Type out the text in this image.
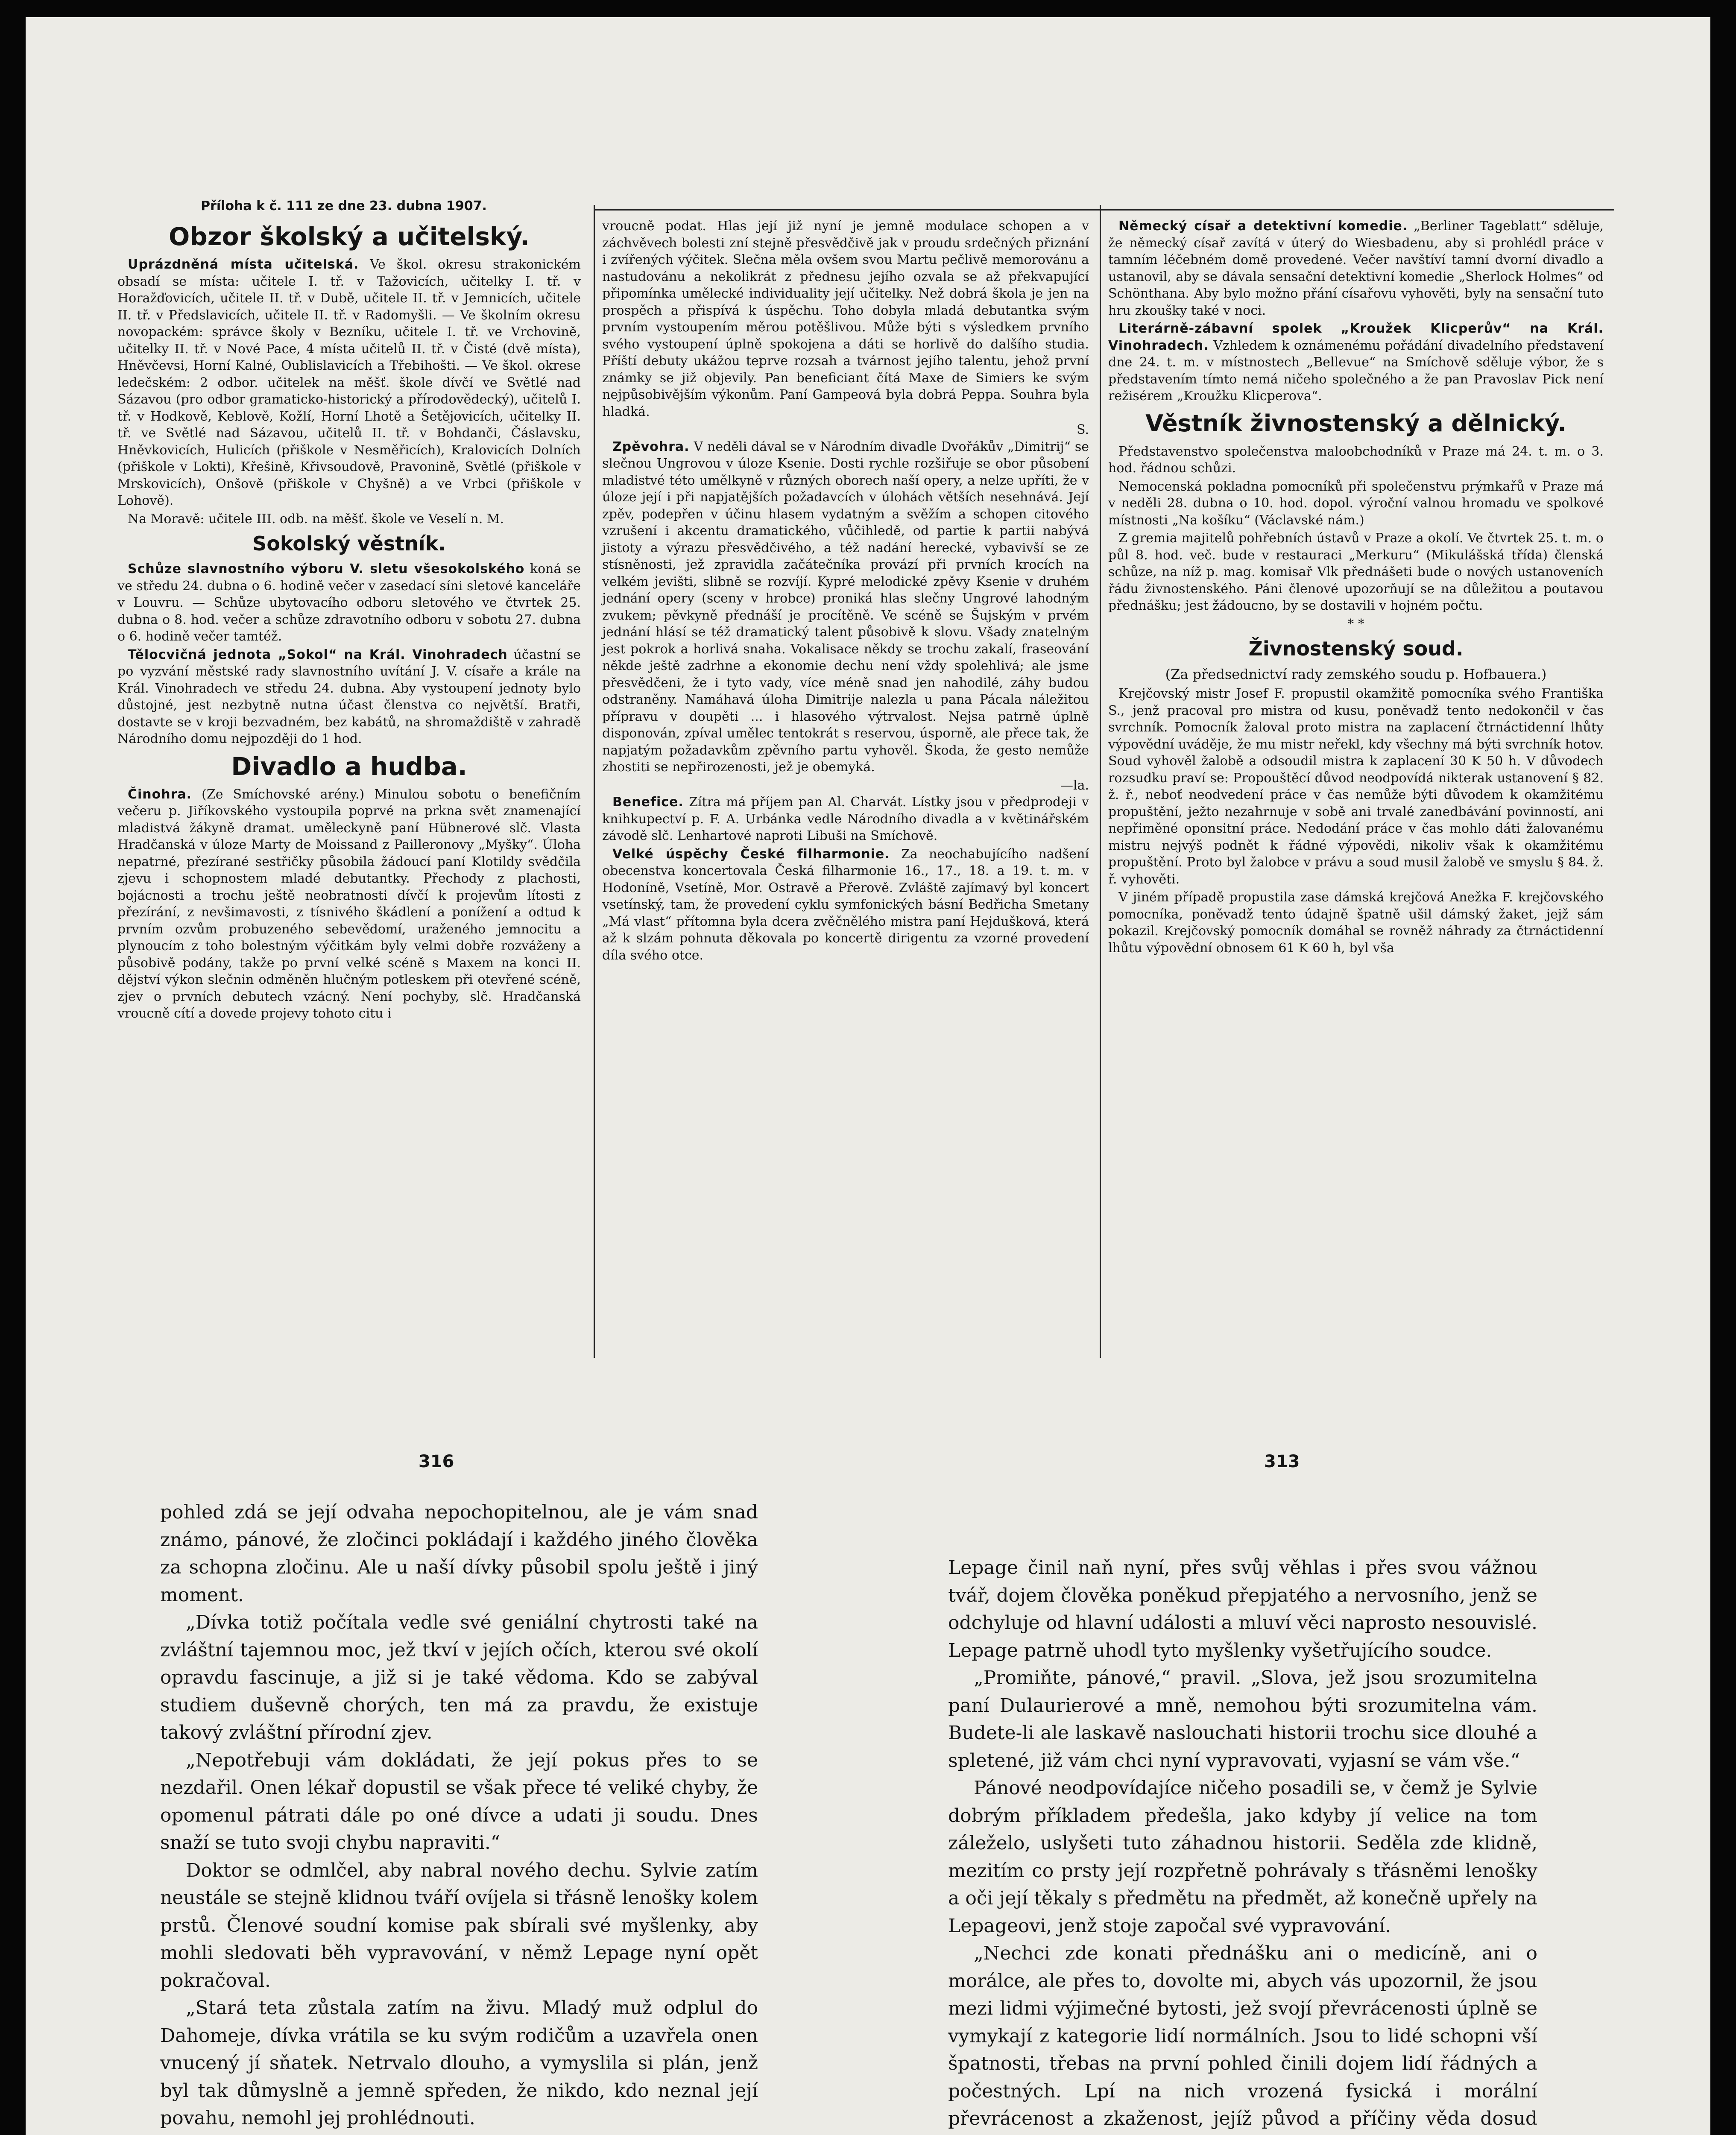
Příloha k č. 111 ze dne 23. dubna 1907.
Obzor školský a učitelský.

Uprázdněná místa učitelská. Ve škol. okresu strakonickém obsadí se místa: učitele I. tř. v Tažovicích, učitelky I. tř. v Horažďovicích, učitele II. tř. v Dubě, učitele II. tř. v Jemnicích, učitele II. tř. v Předslavicích, učitele II. tř. v Radomyšli. — Ve školním okresu novopackém: správce školy v Bezníku, učitele I. tř. ve Vrchovině, učitelky II. tř. v Nové Pace, 4 místa učitelů II. tř. v Čisté (dvě místa), Hněvčevsi, Horní Kalné, Oublislavicích a Třebihošti. — Ve škol. okrese ledečském: 2 odbor. učitelek na měšť. škole dívčí ve Světlé nad Sázavou (pro odbor gramaticko-historický a přírodovědecký), učitelů I. tř. v Hodkově, Keblově, Kožlí, Horní Lhotě a Šetějovicích, učitelky II. tř. ve Světlé nad Sázavou, učitelů II. tř. v Bohdanči, Čáslavsku, Hněvkovicích, Hulicích (přiškole v Nesměřicích), Kralovicích Dolních (přiškole v Lokti), Křešině, Křivsoudově, Pravonině, Světlé (přiškole v Mrskovicích), Onšově (přiškole v Chyšně) a ve Vrbci (přiškole v Lohově).

Na Moravě: učitele III. odb. na měšť. škole ve Veselí n. M.

Sokolský věstník.

Schůze slavnostního výboru V. sletu všesokolského koná se ve středu 24. dubna o 6. hodině večer v zasedací síni sletové kanceláře v Louvru. — Schůze ubytovacího odboru sletového ve čtvrtek 25. dubna o 8. hod. večer a schůze zdravotního odboru v sobotu 27. dubna o 6. hodině večer tamtéž.

Tělocvičná jednota „Sokol“ na Král. Vinohradech účastní se po vyzvání městské rady slavnostního uvítání J. V. císaře a krále na Král. Vinohradech ve středu 24. dubna. Aby vystoupení jednoty bylo důstojné, jest nezbytně nutna účast členstva co největší. Bratři, dostavte se v kroji bezvadném, bez kabátů, na shromaždiště v zahradě Národního domu nejpozději do 1 hod.

Divadlo a hudba.

Činohra. (Ze Smíchovské arény.) Minulou sobotu o benefičním večeru p. Jiříkovského vystoupila poprvé na prkna svět znamenající mladistvá žákyně dramat. uměleckyně paní Hübnerové slč. Vlasta Hradčanská v úloze Marty de Moissand z Pailleronovy „Myšky“. Úloha nepatrné, přezírané sestřičky působila žádoucí paní Klotildy svědčila zjevu i schopnostem mladé debutantky. Přechody z plachosti, bojácnosti a trochu ještě neobratnosti dívčí k projevům lítosti z přezírání, z nevšimavosti, z tísnivého škádlení a ponížení a odtud k prvním ozvům probuzeného sebevědomí, uraženého jemnocitu a plynoucím z toho bolestným výčitkám byly velmi dobře rozváženy a působivě podány, takže po první velké scéně s Maxem na konci II. dějství výkon slečnin odměněn hlučným potleskem při otevřené scéně, zjev o prvních debutech vzácný. Není pochyby, slč. Hradčanská vroucně cítí a dovede projevy tohoto citu i

vroucně podat. Hlas její již nyní je jemně modulace schopen a v záchvěvech bolesti zní stejně přesvědčivě jak v proudu srdečných přiznání i zvířených výčitek. Slečna měla ovšem svou Martu pečlivě memorovánu a nastudovánu a nekolikrát z přednesu jejího ozvala se až překvapující připomínka umělecké individuality její učitelky. Než dobrá škola je jen na prospěch a přispívá k úspěchu. Toho dobyla mladá debutantka svým prvním vystoupením měrou potěšlivou. Může býti s výsledkem prvního svého vystoupení úplně spokojena a dáti se horlivě do dalšího studia. Příští debuty ukážou teprve rozsah a tvárnost jejího talentu, jehož první známky se již objevily. Pan beneficiant čítá Maxe de Simiers ke svým nejpůsobivějším výkonům. Paní Gampeová byla dobrá Peppa. Souhra byla hladká.

S.

Zpěvohra. V neděli dával se v Národním divadle Dvořákův „Dimitrij“ se slečnou Ungrovou v úloze Ksenie. Dosti rychle rozšiřuje se obor působení mladistvé této umělkyně v různých oborech naší opery, a nelze upříti, že v úloze její i při napjatějších požadavcích v úlohách větších nesehnává. Její zpěv, podepřen v účinu hlasem vydatným a svěžím a schopen citového vzrušení i akcentu dramatického, vůčihledě, od partie k partii nabývá jistoty a výrazu přesvědčivého, a též nadání herecké, vybavivší se ze stísněnosti, jež zpravidla začátečníka provází při prvních krocích na velkém jevišti, slibně se rozvíjí. Kypré melodické zpěvy Ksenie v druhém jednání opery (sceny v hrobce) proniká hlas slečny Ungrové lahodným zvukem; pěvkyně přednáší je procítěně. Ve scéně se Šujským v prvém jednání hlásí se též dramatický talent působivě k slovu. Všady znatelným jest pokrok a horlivá snaha. Vokalisace někdy se trochu zakalí, fraseování někde ještě zadrhne a ekonomie dechu není vždy spolehlivá; ale jsme přesvědčeni, že i tyto vady, více méně snad jen nahodilé, záhy budou odstraněny. Namáhavá úloha Dimitrije nalezla u pana Pácala náležitou přípravu v doupěti ... i hlasového výtrvalost. Nejsa patrně úplně disponován, zpíval umělec tentokrát s reservou, úsporně, ale přece tak, že napjatým požadavkům zpěvního partu vyhověl. Škoda, že gesto nemůže zhostiti se nepřirozenosti, jež je obemyká.

—la.

Benefice. Zítra má příjem pan Al. Charvát. Lístky jsou v předprodeji v knihkupectví p. F. A. Urbánka vedle Národního divadla a v květinářském závodě slč. Lenhartové naproti Libuši na Smíchově.

Velké úspěchy České filharmonie. Za neochabujícího nadšení obecenstva koncertovala Česká filharmonie 16., 17., 18. a 19. t. m. v Hodoníně, Vsetíně, Mor. Ostravě a Přerově. Zvláště zajímavý byl koncert vsetínský, tam, že provedení cyklu symfonických básní Bedřicha Smetany „Má vlast“ přítomna byla dcera zvěčnělého mistra paní Hejdušková, která až k slzám pohnuta děkovala po koncertě dirigentu za vzorné provedení díla svého otce.

Německý císař a detektivní komedie. „Berliner Tageblatt“ sděluje, že německý císař zavítá v úterý do Wiesbadenu, aby si prohlédl práce v tamním léčebném domě provedené. Večer navštíví tamní dvorní divadlo a ustanovil, aby se dávala sensační detektivní komedie „Sherlock Holmes“ od Schönthana. Aby bylo možno přání císařovu vyhověti, byly na sensační tuto hru zkoušky také v noci.

Literárně-zábavní spolek „Kroužek Klicperův“ na Král. Vinohradech. Vzhledem k oznámenému pořádání divadelního představení dne 24. t. m. v místnostech „Bellevue“ na Smíchově sděluje výbor, že s představením tímto nemá ničeho společného a že pan Pravoslav Pick není režisérem „Kroužku Klicperova“.

Věstník živnostenský a dělnický.

Představenstvo společenstva maloobchodníků v Praze má 24. t. m. o 3. hod. řádnou schůzi.

Nemocenská pokladna pomocníků při společenstvu prýmkařů v Praze má v neděli 28. dubna o 10. hod. dopol. výroční valnou hromadu ve spolkové místnosti „Na košíku“ (Václavské nám.)

Z gremia majitelů pohřebních ústavů v Praze a okolí. Ve čtvrtek 25. t. m. o půl 8. hod. več. bude v restauraci „Merkuru“ (Mikulášská třída) členská schůze, na níž p. mag. komisař Vlk přednášeti bude o nových ustanoveních řádu živnostenského. Páni členové upozorňují se na důležitou a poutavou přednášku; jest žádoucno, by se dostavili v hojném počtu.

* *
Živnostenský soud.
(Za předsednictví rady zemského soudu p. Hofbauera.)

Krejčovský mistr Josef F. propustil okamžitě pomocníka svého Františka S., jenž pracoval pro mistra od kusu, poněvadž tento nedokončil v čas svrchník. Pomocník žaloval proto mistra na zaplacení čtrnáctidenní lhůty výpovědní uváděje, že mu mistr neřekl, kdy všechny má býti svrchník hotov. Soud vyhověl žalobě a odsoudil mistra k zaplacení 30 K 50 h. V důvodech rozsudku praví se: Propouštěcí důvod neodpovídá nikterak ustanovení § 82. ž. ř., neboť neodvedení práce v čas nemůže býti důvodem k okamžitému propuštění, ježto nezahrnuje v sobě ani trvalé zanedbávání povinností, ani nepřiměné oponsitní práce. Nedodání práce v čas mohlo dáti žalovanému mistru nejvýš podnět k řádné výpovědi, nikoliv však k okamžitému propuštění. Proto byl žalobce v právu a soud musil žalobě ve smyslu § 84. ž. ř. vyhověti.

V jiném případě propustila zase dámská krejčová Anežka F. krejčovského pomocníka, poněvadž tento údajně špatně ušil dámský žaket, jejž sám pokazil. Krejčovský pomocník domáhal se rovněž náhrady za čtrnáctidenní lhůtu výpovědní obnosem 61 K 60 h, byl vša

316

pohled zdá se její odvaha nepochopitelnou, ale je vám snad známo, pánové, že zločinci pokládají i každého jiného člověka za schopna zločinu. Ale u naší dívky působil spolu ještě i jiný moment.

„Dívka totiž počítala vedle své geniální chytrosti také na zvláštní tajemnou moc, jež tkví v jejích očích, kterou své okolí opravdu fascinuje, a již si je také vědoma. Kdo se zabýval studiem duševně chorých, ten má za pravdu, že existuje takový zvláštní přírodní zjev.

„Nepotřebuji vám dokládati, že její pokus přes to se nezdařil. Onen lékař dopustil se však přece té veliké chyby, že opomenul pátrati dále po oné dívce a udati ji soudu. Dnes snaží se tuto svoji chybu napraviti.“

Doktor se odmlčel, aby nabral nového dechu. Sylvie zatím neustále se stejně klidnou tváří ovíjela si třásně lenošky kolem prstů. Členové soudní komise pak sbírali své myšlenky, aby mohli sledovati běh vypravování, v němž Lepage nyní opět pokračoval.

„Stará teta zůstala zatím na živu. Mladý muž odplul do Dahomeje, dívka vrátila se ku svým rodičům a uzavřela onen vnucený jí sňatek. Netrvalo dlouho, a vymyslila si plán, jenž byl tak důmyslně a jemně spředen, že nikdo, kdo neznal její povahu, nemohl jej prohlédnouti.

313

Lepage činil naň nyní, přes svůj věhlas i přes svou vážnou tvář, dojem člověka poněkud přepjatého a nervosního, jenž se odchyluje od hlavní události a mluví věci naprosto nesouvislé. Lepage patrně uhodl tyto myšlenky vyšetřujícího soudce.

„Promiňte, pánové,“ pravil. „Slova, jež jsou srozumitelna paní Dulaurierové a mně, nemohou býti srozumitelna vám. Budete-li ale laskavě naslouchati historii trochu sice dlouhé a spletené, již vám chci nyní vypravovati, vyjasní se vám vše.“

Pánové neodpovídajíce ničeho posadili se, v čemž je Sylvie dobrým příkladem předešla, jako kdyby jí velice na tom záleželo, uslyšeti tuto záhadnou historii. Seděla zde klidně, mezitím co prsty její rozpřetně pohrávaly s třásněmi lenošky a oči její těkaly s předmětu na předmět, až konečně upřely na Lepageovi, jenž stoje započal své vypravování.

„Nechci zde konati přednášku ani o medicíně, ani o morálce, ale přes to, dovolte mi, abych vás upozornil, že jsou mezi lidmi výjimečné bytosti, jež svojí převrácenosti úplně se vymykají z kategorie lidí normálních. Jsou to lidé schopni vší špatnosti, třebas na první pohled činili dojem lidí řádných a počestných. Lpí na nich vrozená fysická i morální převrácenost a zkaženost, jejíž původ a příčiny věda dosud
